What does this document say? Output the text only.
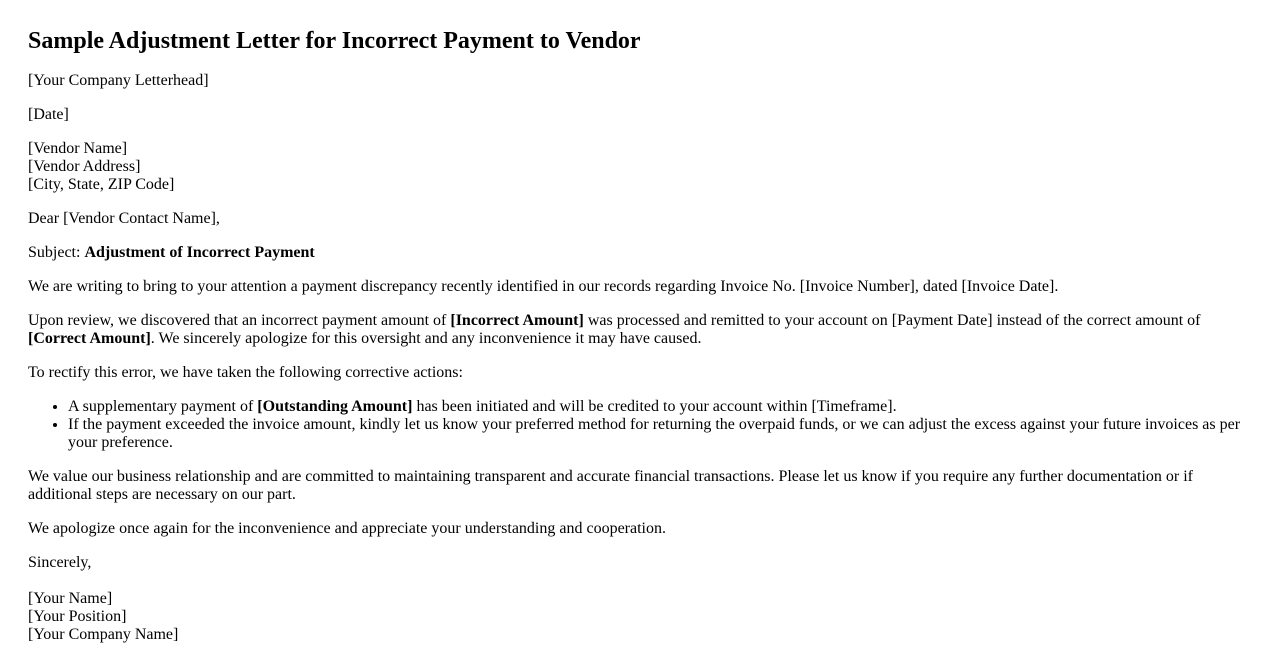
Sample Adjustment Letter for Incorrect Payment to Vendor

[Your Company Letterhead]

[Date]

[Vendor Name]

[Vendor Address]

[City, State, ZIP Code]

Dear [Vendor Contact Name],

Subject: Adjustment of Incorrect Payment

We are writing to bring to your attention a payment discrepancy recently identified in our records regarding Invoice No. [Invoice Number], dated [Invoice Date].

Upon review, we discovered that an incorrect payment amount of [Incorrect Amount] was processed and remitted to your account on [Payment Date] instead of the correct amount of [Correct Amount]. We sincerely apologize for this oversight and any inconvenience it may have caused.

To rectify this error, we have taken the following corrective actions:

• A supplementary payment of [Outstanding Amount] has been initiated and will be credited to your account within [Timeframe].
• If the payment exceeded the invoice amount, kindly let us know your preferred method for returning the overpaid funds, or we can adjust the excess against your future invoices as per your preference.

We value our business relationship and are committed to maintaining transparent and accurate financial transactions. Please let us know if you require any further documentation or if additional steps are necessary on our part.

We apologize once again for the inconvenience and appreciate your understanding and cooperation.

Sincerely,

[Your Name]

[Your Position]

[Your Company Name]
